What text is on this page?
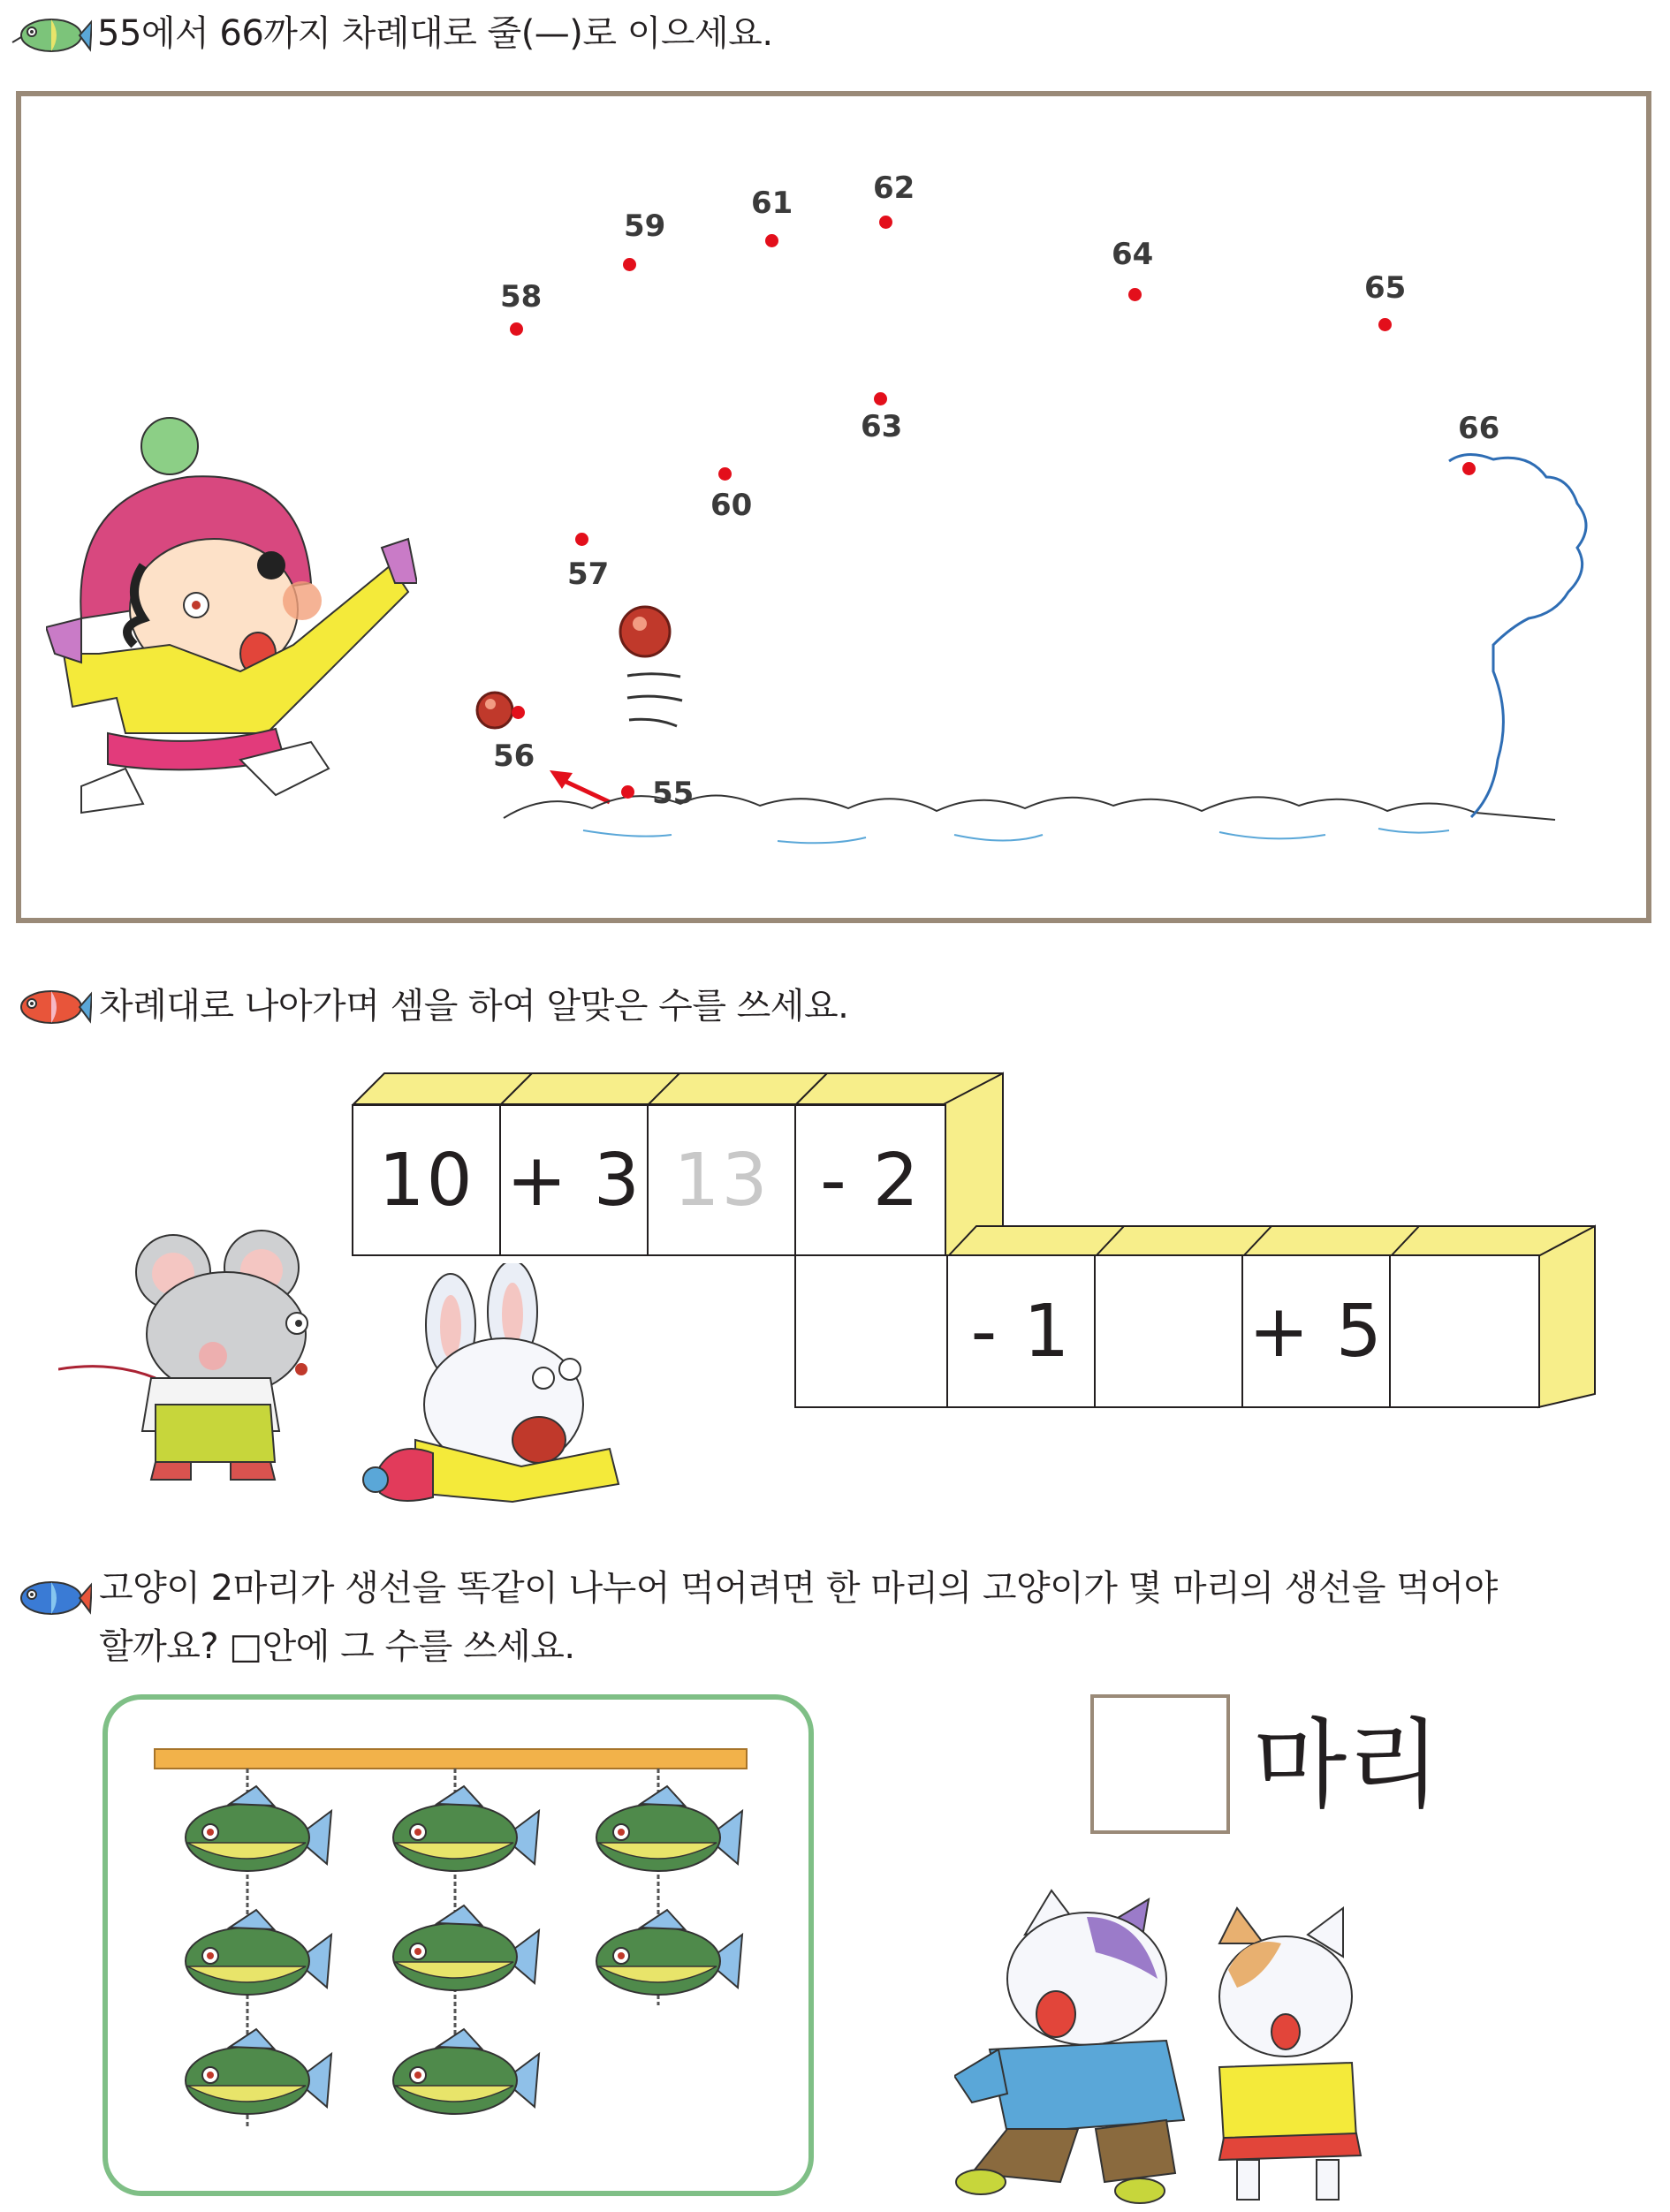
55에서 66까지 차례대로 줄(—)로 이으세요.
55
56
57
58
59
60
61	62
63
64
65
66
차례대로 나아가며 셈을 하여 알맞은 수를 쓰세요.
10 + 3 13 - 2
- 1	+ 5
고양이 2마리가 생선을 똑같이 나누어 먹어려면 한 마리의 고양이가 몇 마리의 생선을 먹어야
할까요? □안에 그 수를 쓰세요.
마리
